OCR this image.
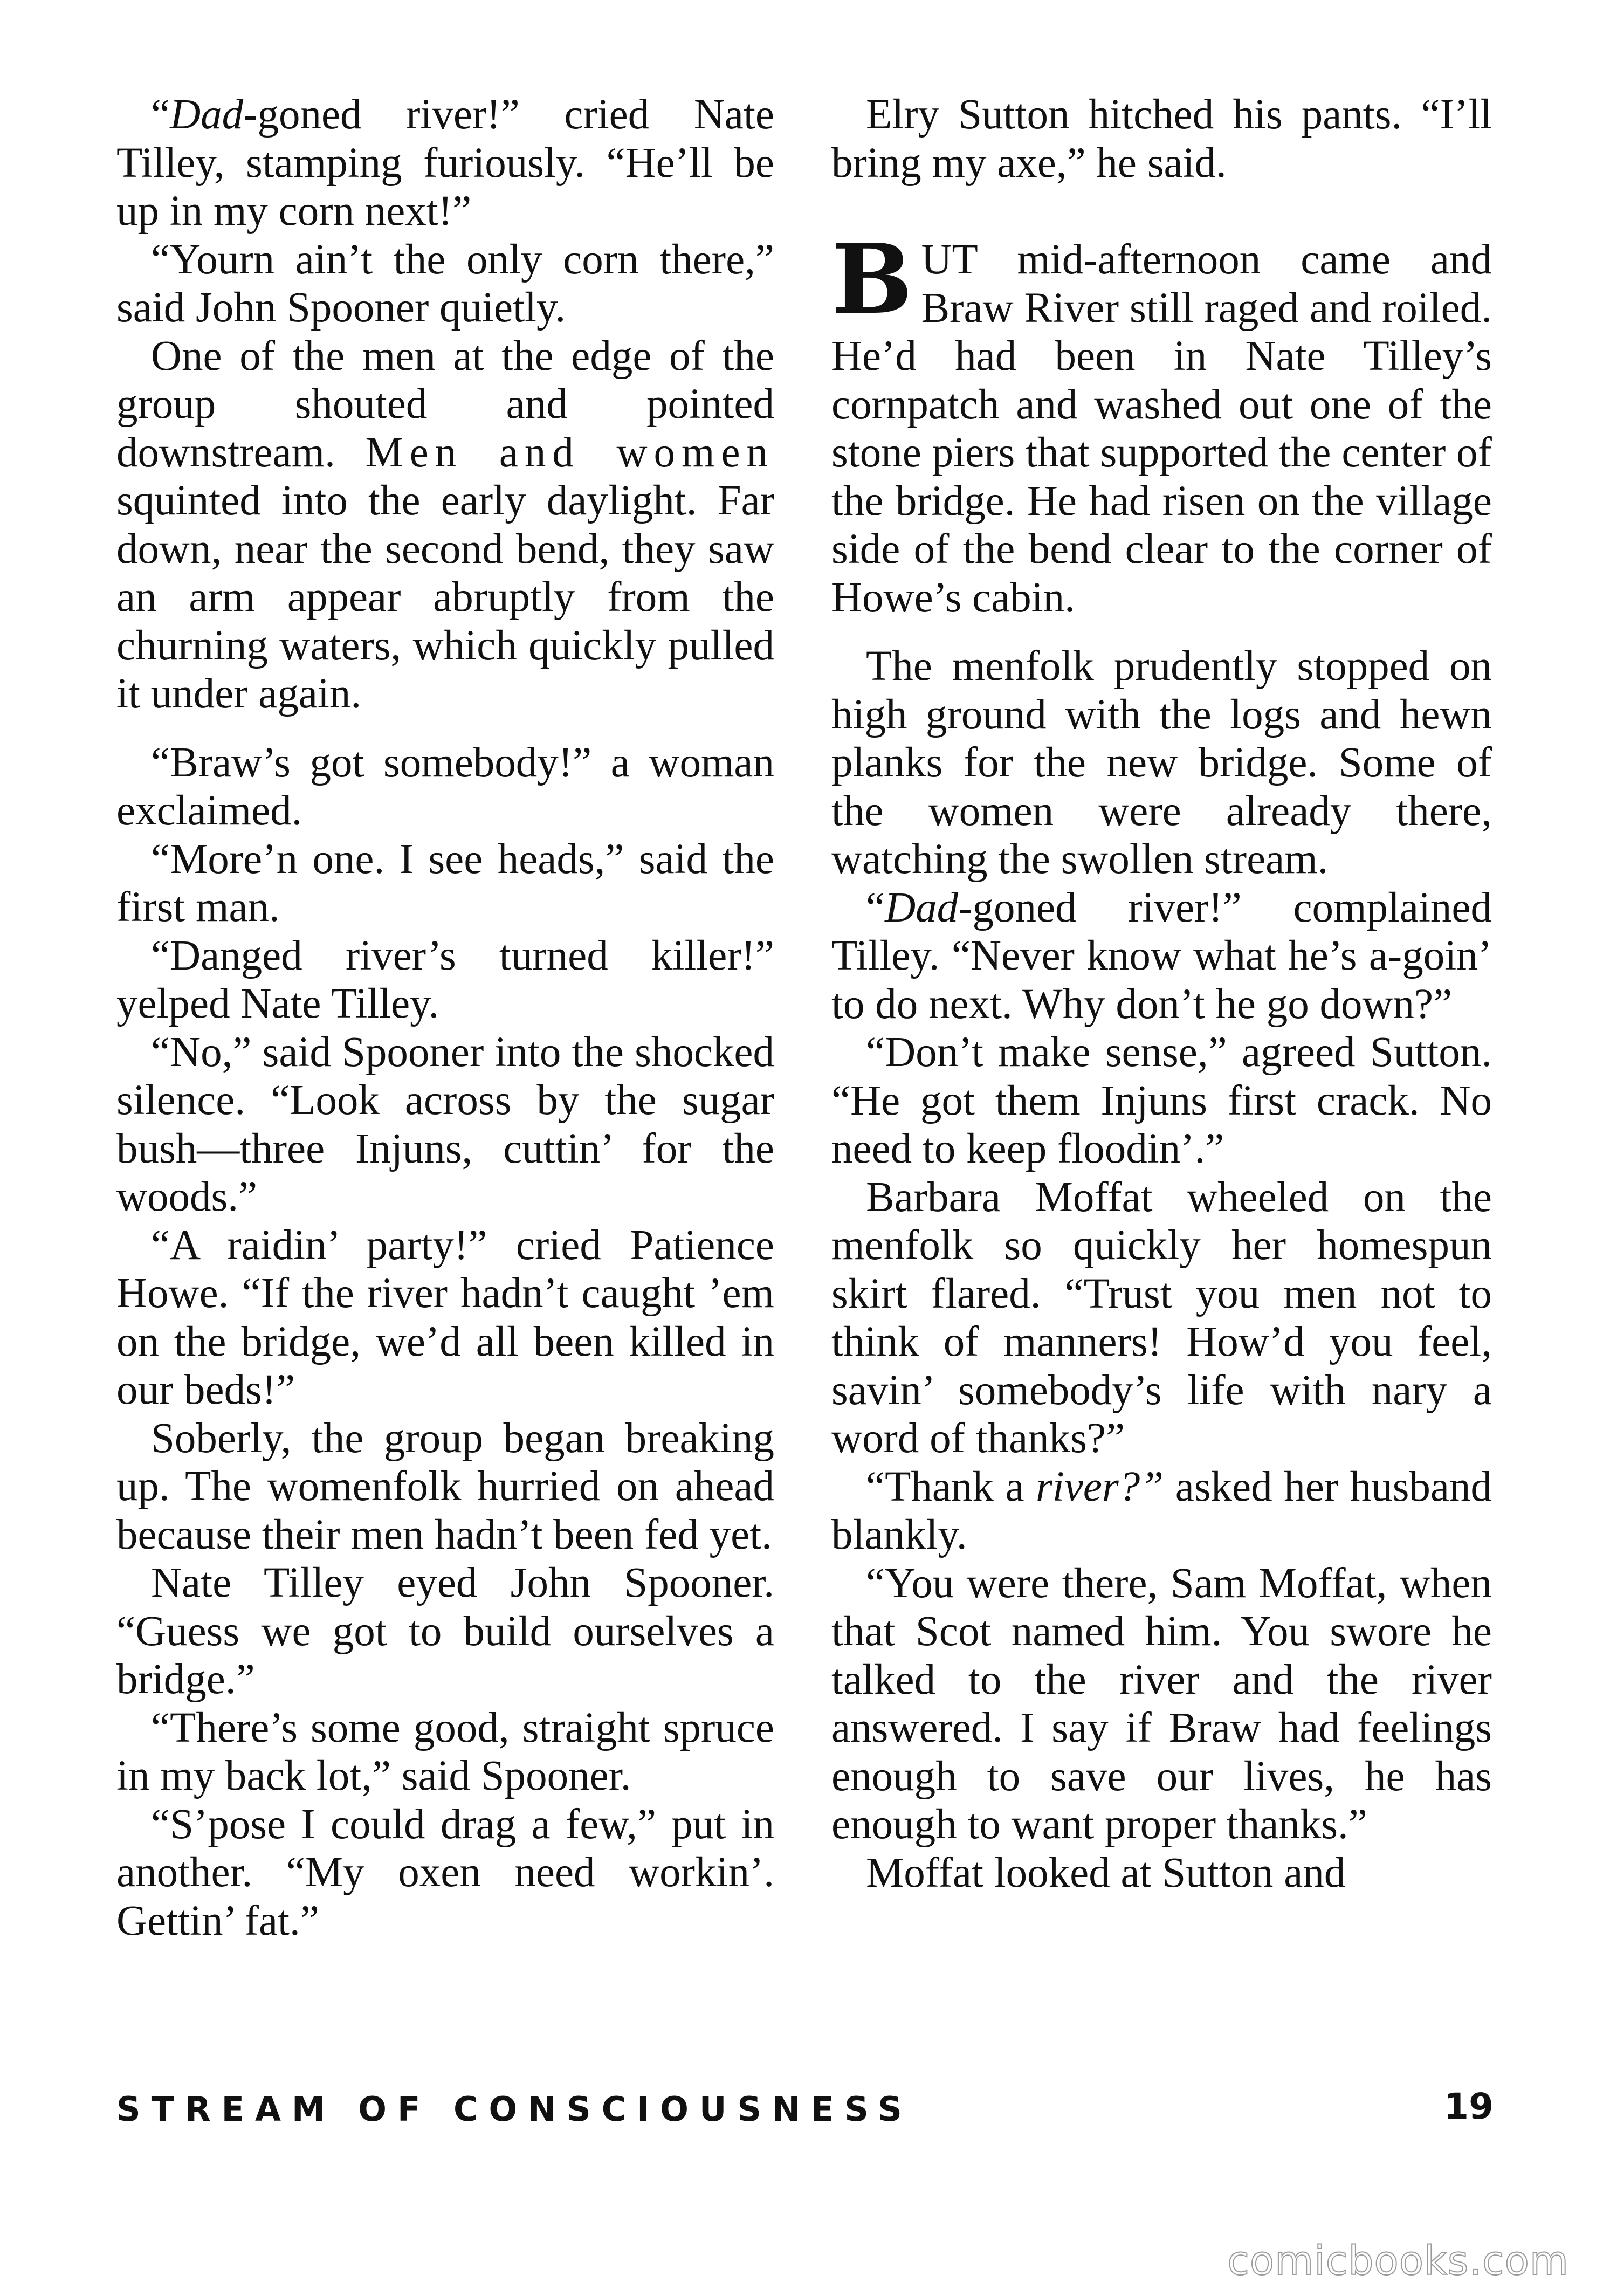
“Dad-goned river!” cried Nate Tilley, stamping furiously. “He’ll be up in my corn next!”

“Yourn ain’t the only corn there,” said John Spooner quietly.

One of the men at the edge of the group shouted and pointed downstream. Men and women squinted into the early daylight. Far down, near the second bend, they saw an arm appear abruptly from the churning waters, which quickly pulled it under again.

“Braw’s got somebody!” a woman exclaimed.

“More’n one. I see heads,” said the first man.

“Danged river’s turned killer!” yelped Nate Tilley.

“No,” said Spooner into the shocked silence. “Look across by the sugar bush—three Injuns, cuttin’ for the woods.”

“A raidin’ party!” cried Patience Howe. “If the river hadn’t caught ’em on the bridge, we’d all been killed in our beds!”

Soberly, the group began breaking up. The womenfolk hurried on ahead because their men hadn’t been fed yet.

Nate Tilley eyed John Spooner. “Guess we got to build ourselves a bridge.”

“There’s some good, straight spruce in my back lot,” said Spooner.

“S’pose I could drag a few,” put in another. “My oxen need workin’. Gettin’ fat.”

Elry Sutton hitched his pants. “I’ll bring my axe,” he said.

BUT mid-afternoon came and Braw River still raged and roiled. He’d had been in Nate Tilley’s cornpatch and washed out one of the stone piers that supported the center of the bridge. He had risen on the village side of the bend clear to the corner of Howe’s cabin.

The menfolk prudently stopped on high ground with the logs and hewn planks for the new bridge. Some of the women were already there, watching the swollen stream.

“Dad-goned river!” complained Tilley. “Never know what he’s a-goin’ to do next. Why don’t he go down?”

“Don’t make sense,” agreed Sutton. “He got them Injuns first crack. No need to keep floodin’.”

Barbara Moffat wheeled on the menfolk so quickly her homespun skirt flared. “Trust you men not to think of manners! How’d you feel, savin’ somebody’s life with nary a word of thanks?”

“Thank a river?” asked her husband blankly.

“You were there, Sam Moffat, when that Scot named him. You swore he talked to the river and the river answered. I say if Braw had feelings enough to save our lives, he has enough to want proper thanks.”

Moffat looked at Sutton and

STREAM OF CONSCIOUSNESS	19
comicbooks.com
